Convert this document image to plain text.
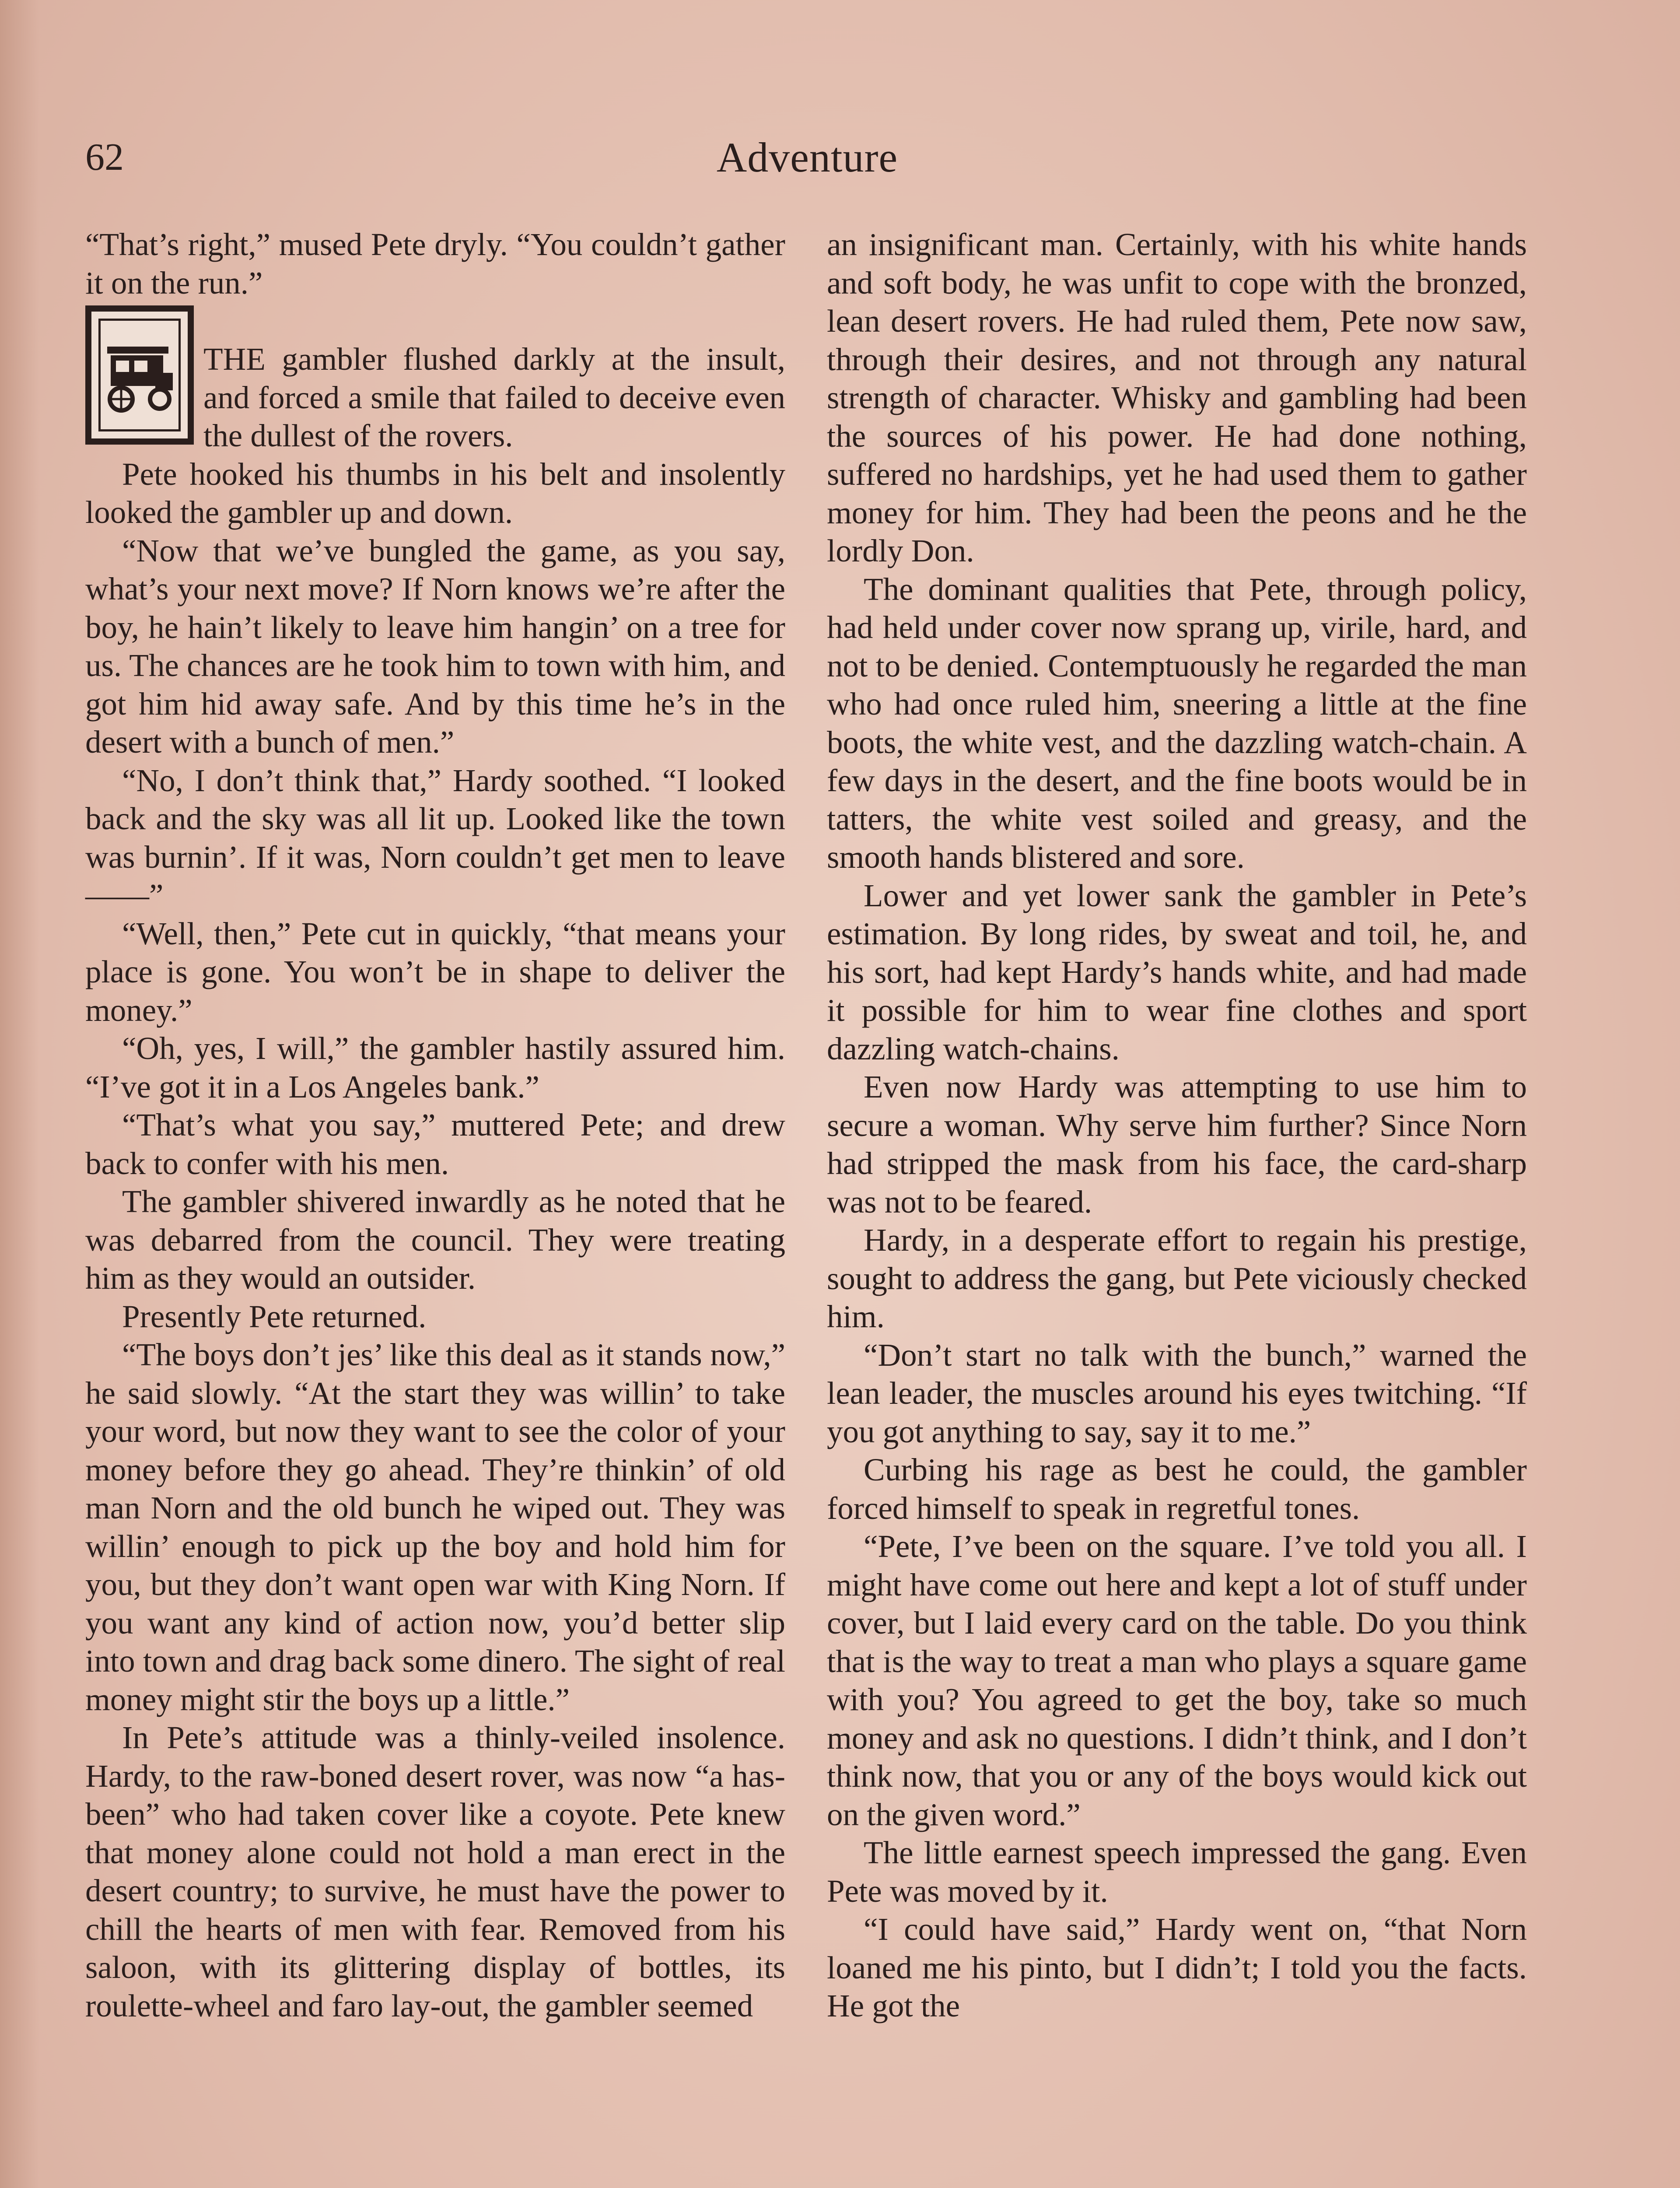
62	Adventure

“That’s right,” mused Pete dryly. “You couldn’t gather it on the run.”

THE gambler flushed darkly at the insult, and forced a smile that failed to deceive even the dullest of the rovers.

Pete hooked his thumbs in his belt and insolently looked the gambler up and down.

“Now that we’ve bungled the game, as you say, what’s your next move? If Norn knows we’re after the boy, he hain’t likely to leave him hangin’ on a tree for us. The chances are he took him to town with him, and got him hid away safe. And by this time he’s in the desert with a bunch of men.”

“No, I don’t think that,” Hardy soothed. “I looked back and the sky was all lit up. Looked like the town was burnin’. If it was, Norn couldn’t get men to leave——”

“Well, then,” Pete cut in quickly, “that means your place is gone. You won’t be in shape to deliver the money.”

“Oh, yes, I will,” the gambler hastily assured him. “I’ve got it in a Los Angeles bank.”

“That’s what you say,” muttered Pete; and drew back to confer with his men.

The gambler shivered inwardly as he noted that he was debarred from the council. They were treating him as they would an outsider.

Presently Pete returned.

“The boys don’t jes’ like this deal as it stands now,” he said slowly. “At the start they was willin’ to take your word, but now they want to see the color of your money before they go ahead. They’re thinkin’ of old man Norn and the old bunch he wiped out. They was willin’ enough to pick up the boy and hold him for you, but they don’t want open war with King Norn. If you want any kind of action now, you’d better slip into town and drag back some dinero. The sight of real money might stir the boys up a little.”

In Pete’s attitude was a thinly-veiled insolence. Hardy, to the raw-boned desert rover, was now “a has-been” who had taken cover like a coyote. Pete knew that money alone could not hold a man erect in the desert country; to survive, he must have the power to chill the hearts of men with fear. Removed from his saloon, with its glittering display of bottles, its roulette-wheel and faro lay-out, the gambler seemed

an insignificant man. Certainly, with his white hands and soft body, he was unfit to cope with the bronzed, lean desert rovers. He had ruled them, Pete now saw, through their desires, and not through any natural strength of character. Whisky and gambling had been the sources of his power. He had done nothing, suffered no hardships, yet he had used them to gather money for him. They had been the peons and he the lordly Don.

The dominant qualities that Pete, through policy, had held under cover now sprang up, virile, hard, and not to be denied. Contemptuously he regarded the man who had once ruled him, sneering a little at the fine boots, the white vest, and the dazzling watch-chain. A few days in the desert, and the fine boots would be in tatters, the white vest soiled and greasy, and the smooth hands blistered and sore.

Lower and yet lower sank the gambler in Pete’s estimation. By long rides, by sweat and toil, he, and his sort, had kept Hardy’s hands white, and had made it possible for him to wear fine clothes and sport dazzling watch-chains.

Even now Hardy was attempting to use him to secure a woman. Why serve him further? Since Norn had stripped the mask from his face, the card-sharp was not to be feared.

Hardy, in a desperate effort to regain his prestige, sought to address the gang, but Pete viciously checked him.

“Don’t start no talk with the bunch,” warned the lean leader, the muscles around his eyes twitching. “If you got anything to say, say it to me.”

Curbing his rage as best he could, the gambler forced himself to speak in regretful tones.

“Pete, I’ve been on the square. I’ve told you all. I might have come out here and kept a lot of stuff under cover, but I laid every card on the table. Do you think that is the way to treat a man who plays a square game with you? You agreed to get the boy, take so much money and ask no questions. I didn’t think, and I don’t think now, that you or any of the boys would kick out on the given word.”

The little earnest speech impressed the gang. Even Pete was moved by it.

“I could have said,” Hardy went on, “that Norn loaned me his pinto, but I didn’t; I told you the facts. He got the
